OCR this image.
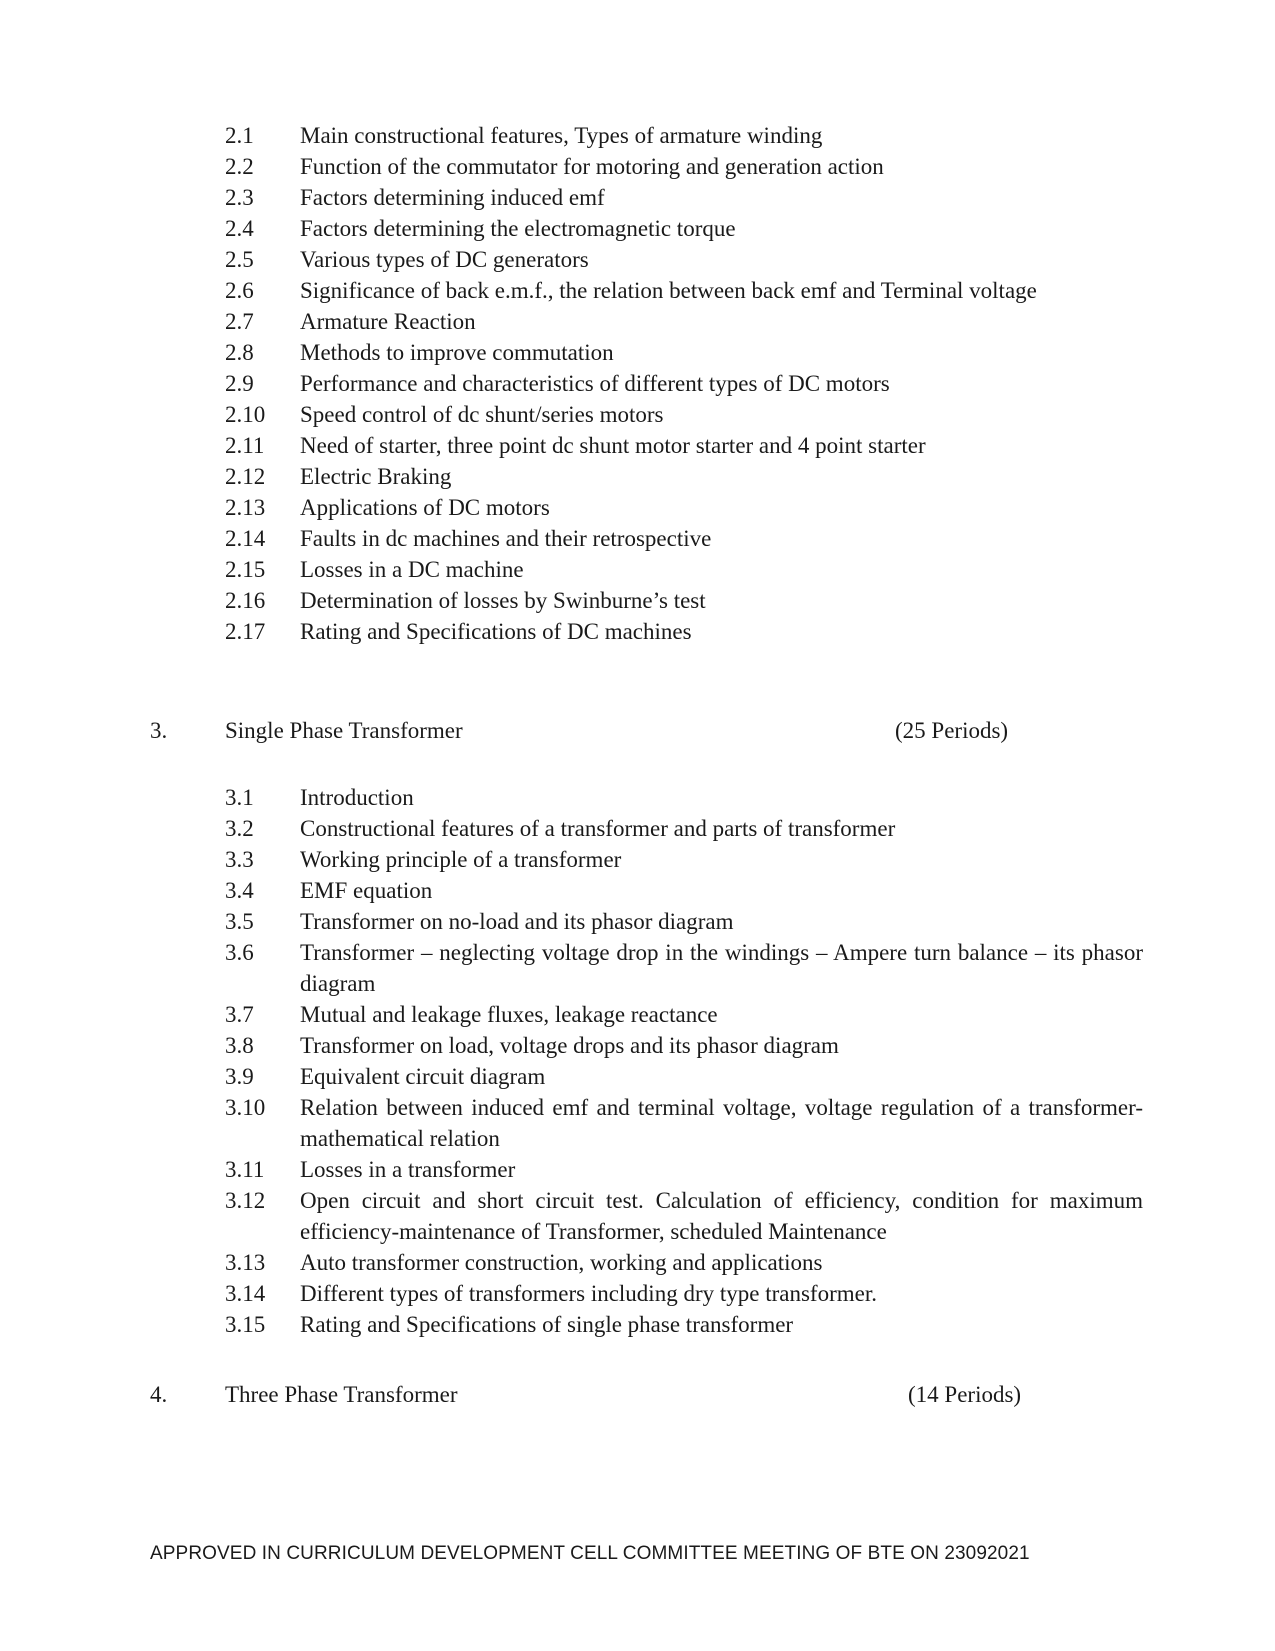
2.1 Main constructional features, Types of armature winding
2.2 Function of the commutator for motoring and generation action
2.3 Factors determining induced emf
2.4 Factors determining the electromagnetic torque
2.5 Various types of DC generators
2.6 Significance of back e.m.f., the relation between back emf and Terminal voltage
2.7 Armature Reaction
2.8 Methods to improve commutation
2.9 Performance and characteristics of different types of DC motors
2.10 Speed control of dc shunt/series motors
2.11 Need of starter, three point dc shunt motor starter and 4 point starter
2.12 Electric Braking
2.13 Applications of DC motors
2.14 Faults in dc machines and their retrospective
2.15 Losses in a DC machine
2.16 Determination of losses by Swinburne’s test
2.17 Rating and Specifications of DC machines
3.	Single Phase Transformer	(25 Periods)
3.1 Introduction
3.2 Constructional features of a transformer and parts of transformer
3.3 Working principle of a transformer
3.4 EMF equation
3.5 Transformer on no-load and its phasor diagram
3.6 Transformer – neglecting voltage drop in the windings – Ampere turn balance – its phasor diagram
3.7 Mutual and leakage fluxes, leakage reactance
3.8 Transformer on load, voltage drops and its phasor diagram
3.9 Equivalent circuit diagram
3.10 Relation between induced emf and terminal voltage, voltage regulation of a transformer- mathematical relation
3.11 Losses in a transformer
3.12 Open circuit and short circuit test. Calculation of efficiency, condition for maximum efficiency-maintenance of Transformer, scheduled Maintenance
3.13 Auto transformer construction, working and applications
3.14 Different types of transformers including dry type transformer.
3.15 Rating and Specifications of single phase transformer
4.	Three Phase Transformer	(14 Periods)
APPROVED IN CURRICULUM DEVELOPMENT CELL COMMITTEE MEETING OF BTE ON 23092021
